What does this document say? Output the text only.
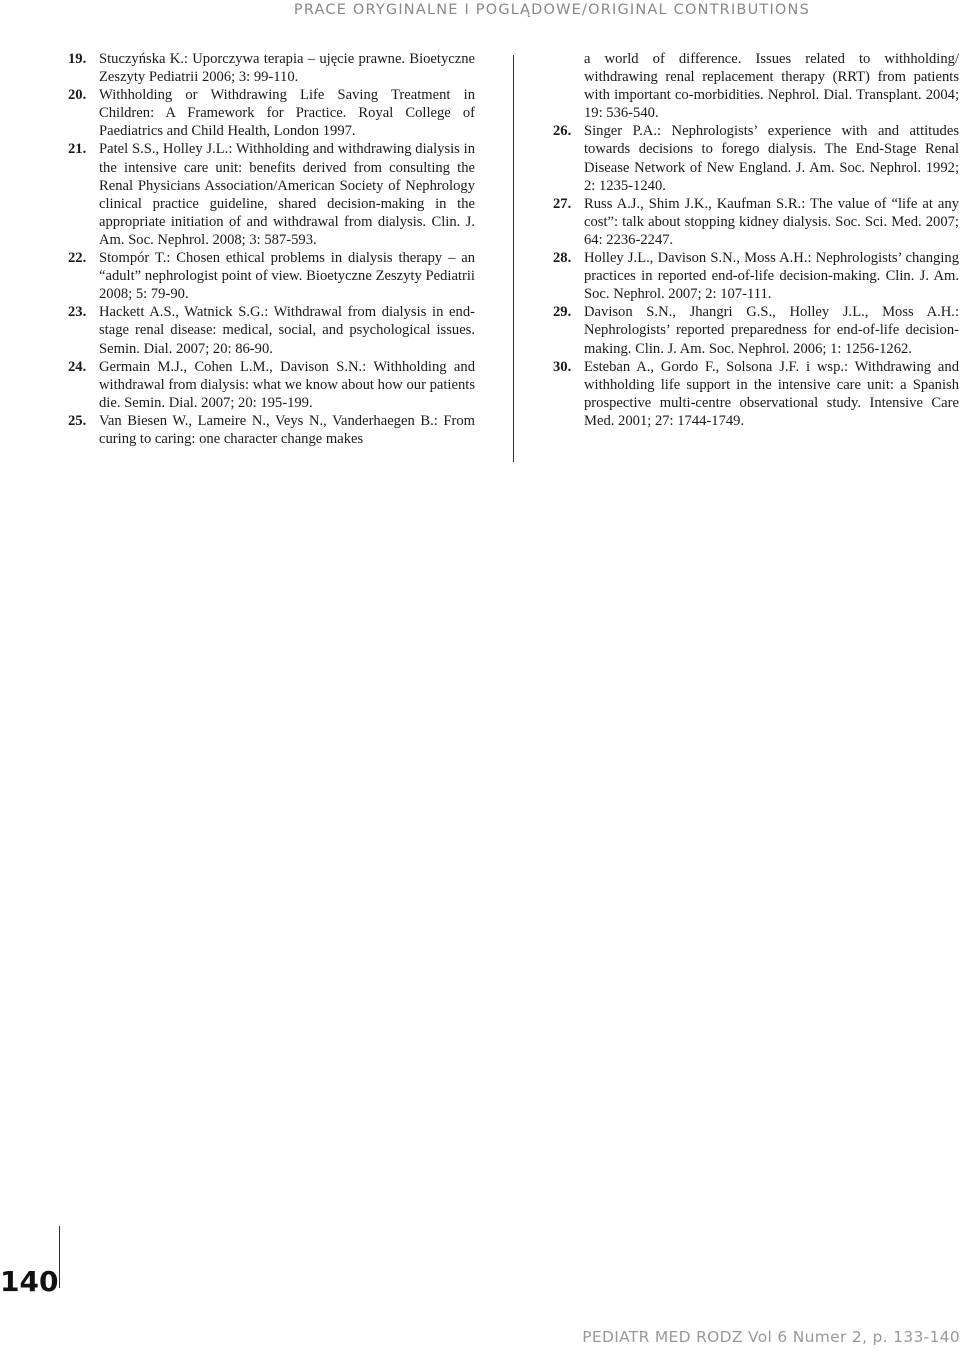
PRACE ORYGINALNE I POGLĄDOWE/ORIGINAL CONTRIBUTIONS

19. Stuczyńska K.: Uporczywa terapia – ujęcie prawne. Bioetyczne Zeszyty Pediatrii 2006; 3: 99-110.

20. Withholding or Withdrawing Life Saving Treatment in Children: A Framework for Practice. Royal College of Paediatrics and Child Health, London 1997.

21. Patel S.S., Holley J.L.: Withholding and withdrawing dialysis in the intensive care unit: benefits derived from consulting the Renal Physicians Association/American Society of Nephrology clinical practice guideline, shared decision-making in the appropriate initiation of and withdrawal from dialysis. Clin. J. Am. Soc. Nephrol. 2008; 3: 587-593.

22. Stompór T.: Chosen ethical problems in dialysis therapy – an “adult” nephrologist point of view. Bioetyczne Zeszyty Pediatrii 2008; 5: 79-90.

23. Hackett A.S., Watnick S.G.: Withdrawal from dialysis in end-stage renal disease: medical, social, and psychological issues. Semin. Dial. 2007; 20: 86-90.

24. Germain M.J., Cohen L.M., Davison S.N.: Withholding and withdrawal from dialysis: what we know about how our patients die. Semin. Dial. 2007; 20: 195-199.

25. Van Biesen W., Lameire N., Veys N., Vanderhaegen B.: From curing to caring: one character change makes

a world of difference. Issues related to withholding/ withdrawing renal replacement therapy (RRT) from patients with important co-morbidities. Nephrol. Dial. Transplant. 2004; 19: 536-540.

26. Singer P.A.: Nephrologists’ experience with and attitudes towards decisions to forego dialysis. The End-Stage Renal Disease Network of New England. J. Am. Soc. Nephrol. 1992; 2: 1235-1240.

27. Russ A.J., Shim J.K., Kaufman S.R.: The value of “life at any cost”: talk about stopping kidney dialysis. Soc. Sci. Med. 2007; 64: 2236-2247.

28. Holley J.L., Davison S.N., Moss A.H.: Nephrologists’ changing practices in reported end-of-life decision-making. Clin. J. Am. Soc. Nephrol. 2007; 2: 107-111.

29. Davison S.N., Jhangri G.S., Holley J.L., Moss A.H.: Nephrologists’ reported preparedness for end-of-life decision-making. Clin. J. Am. Soc. Nephrol. 2006; 1: 1256-1262.

30. Esteban A., Gordo F., Solsona J.F. i wsp.: Withdrawing and withholding life support in the intensive care unit: a Spanish prospective multi-centre observational study. Intensive Care Med. 2001; 27: 1744-1749.

140
PEDIATR MED RODZ Vol 6 Numer 2, p. 133-140
